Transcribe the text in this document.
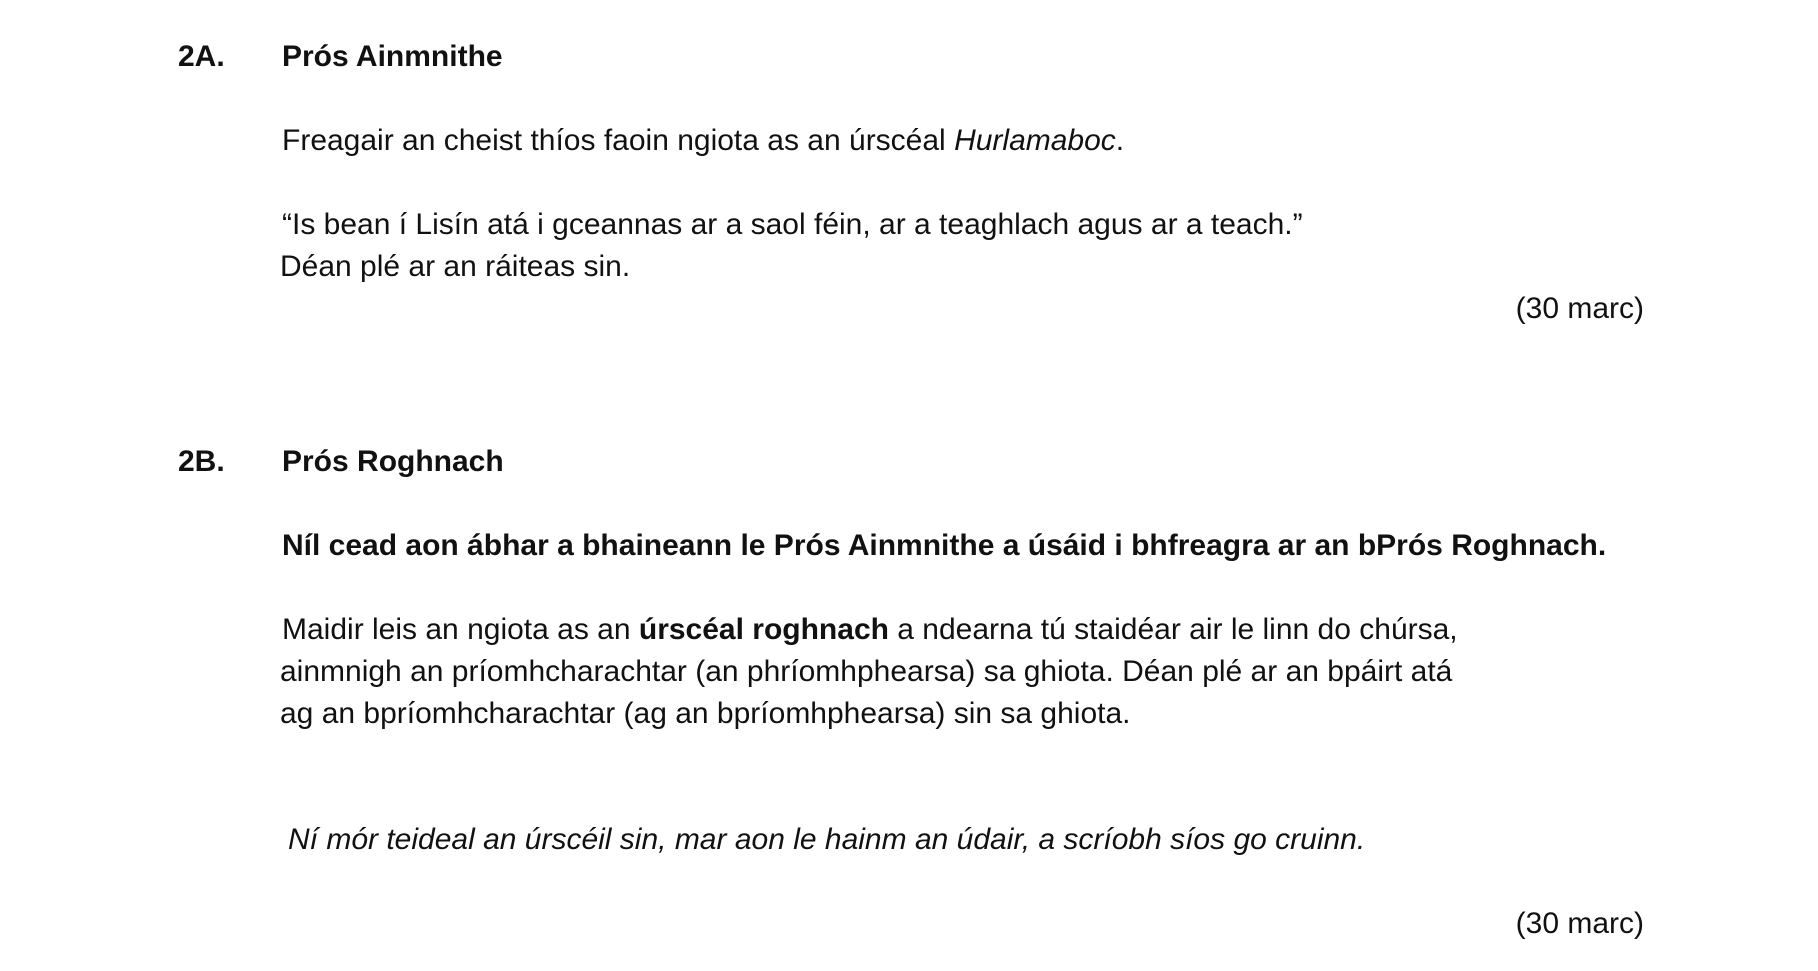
2A. Prós Ainmnithe
Freagair an cheist thíos faoin ngiota as an úrscéal Hurlamaboc.
“Is bean í Lisín atá i gceannas ar a saol féin, ar a teaghlach agus ar a teach.”
Déan plé ar an ráiteas sin.
(30 marc)
2B. Prós Roghnach
Níl cead aon ábhar a bhaineann le Prós Ainmnithe a úsáid i bhfreagra ar an bPrós Roghnach.
Maidir leis an ngiota as an úrscéal roghnach a ndearna tú staidéar air le linn do chúrsa,
ainmnigh an príomhcharachtar (an phríomhphearsa) sa ghiota. Déan plé ar an bpáirt atá
ag an bpríomhcharachtar (ag an bpríomhphearsa) sin sa ghiota.
Ní mór teideal an úrscéil sin, mar aon le hainm an údair, a scríobh síos go cruinn.
(30 marc)
